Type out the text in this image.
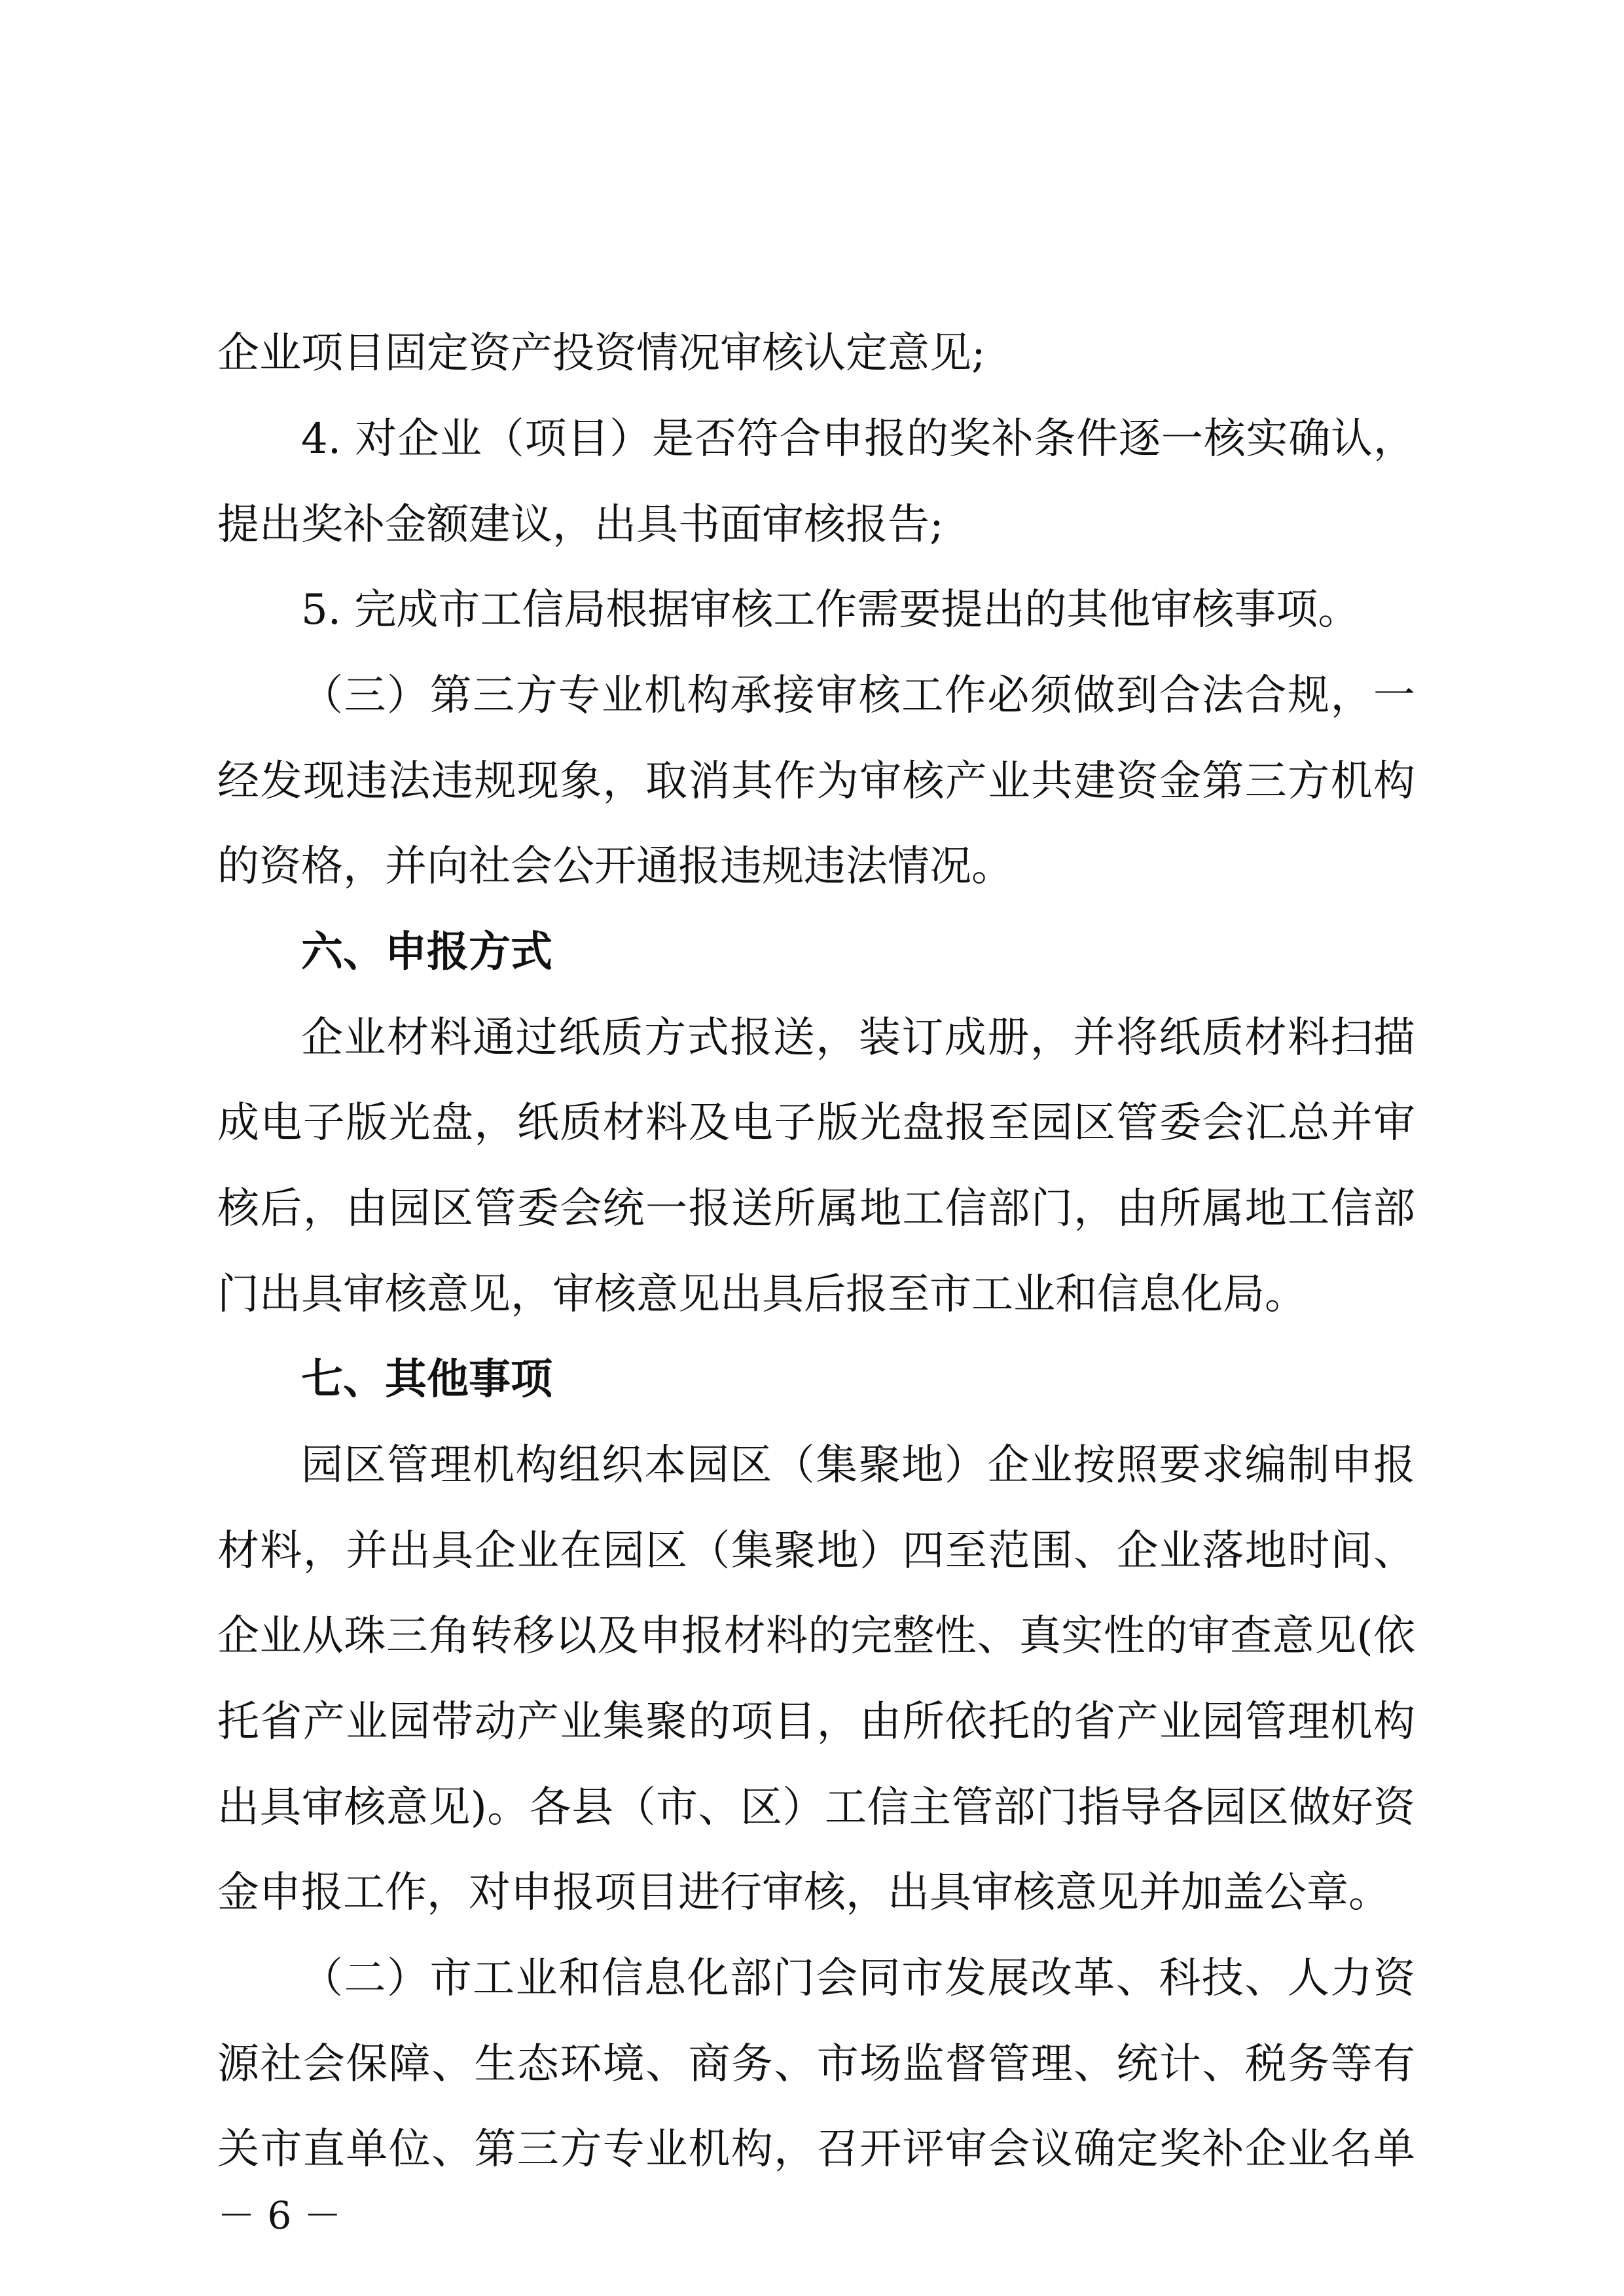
企业项目固定资产投资情况审核认定意见;
4. 对企业（项目）是否符合申报的奖补条件逐一核实确认，
提出奖补金额建议，出具书面审核报告;
5. 完成市工信局根据审核工作需要提出的其他审核事项。
（三）第三方专业机构承接审核工作必须做到合法合规，一
经发现违法违规现象，取消其作为审核产业共建资金第三方机构
的资格，并向社会公开通报违规违法情况。
六、申报方式
企业材料通过纸质方式报送，装订成册，并将纸质材料扫描
成电子版光盘，纸质材料及电子版光盘报至园区管委会汇总并审
核后，由园区管委会统一报送所属地工信部门，由所属地工信部
门出具审核意见，审核意见出具后报至市工业和信息化局。
七、其他事项
园区管理机构组织本园区（集聚地）企业按照要求编制申报
材料，并出具企业在园区（集聚地）四至范围、企业落地时间、
企业从珠三角转移以及申报材料的完整性、真实性的审查意见(依
托省产业园带动产业集聚的项目，由所依托的省产业园管理机构
出具审核意见)。各县（市、区）工信主管部门指导各园区做好资
金申报工作，对申报项目进行审核，出具审核意见并加盖公章。
（二）市工业和信息化部门会同市发展改革、科技、人力资
源社会保障、生态环境、商务、市场监督管理、统计、税务等有
关市直单位、第三方专业机构，召开评审会议确定奖补企业名单
－ 6 －
